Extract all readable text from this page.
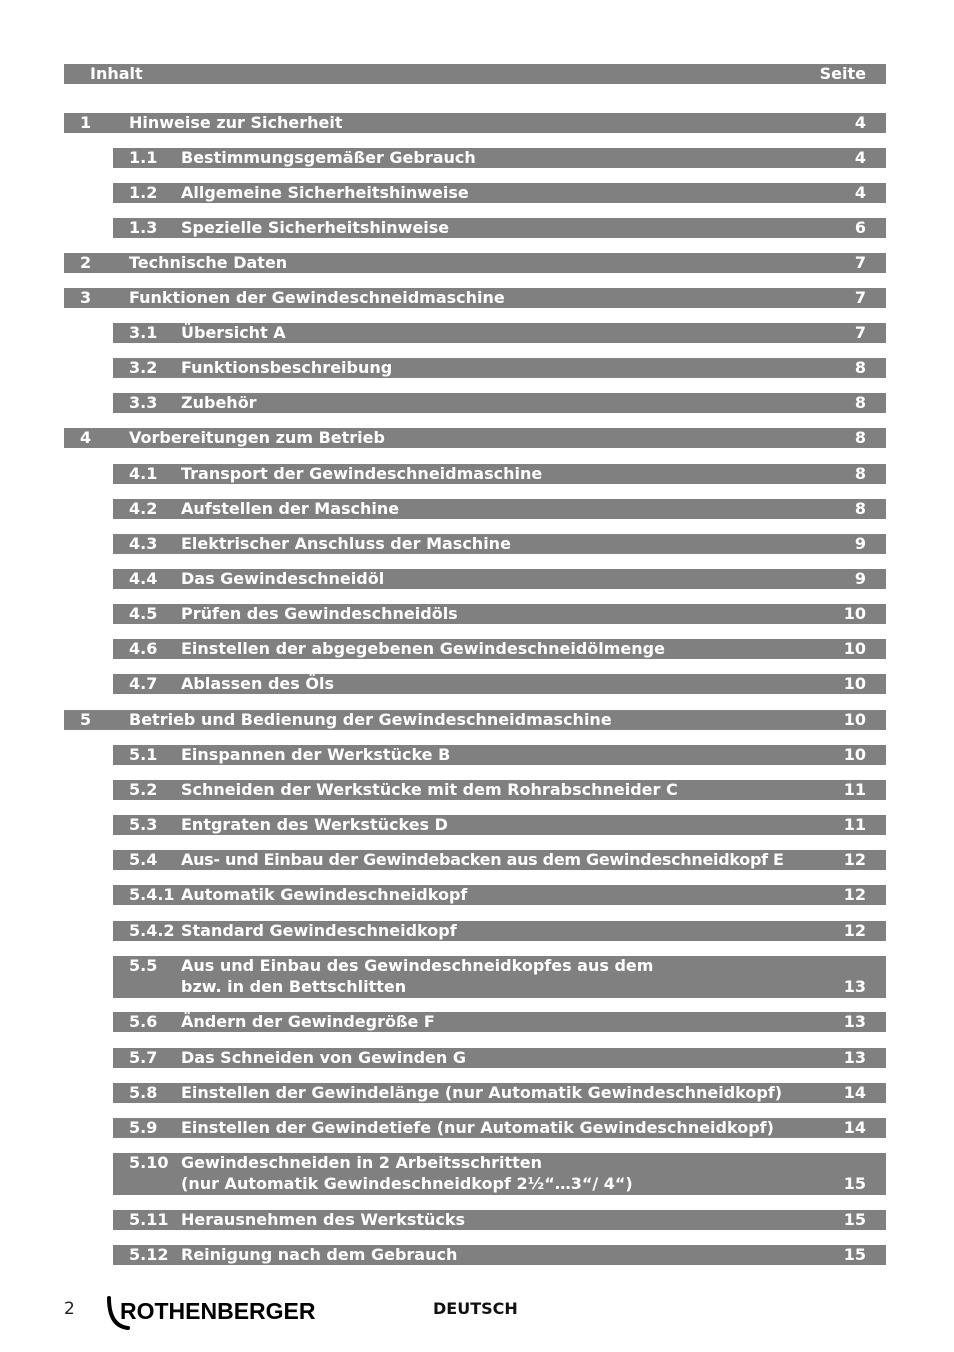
Inhalt	Seite
1 Hinweise zur Sicherheit	4
1.1 Bestimmungsgemäßer Gebrauch	4
1.2 Allgemeine Sicherheitshinweise	4
1.3 Spezielle Sicherheitshinweise	6
2 Technische Daten	7
3 Funktionen der Gewindeschneidmaschine	7
3.1 Übersicht A	7
3.2 Funktionsbeschreibung	8
3.3 Zubehör	8
4 Vorbereitungen zum Betrieb	8
4.1 Transport der Gewindeschneidmaschine	8
4.2 Aufstellen der Maschine	8
4.3 Elektrischer Anschluss der Maschine	9
4.4 Das Gewindeschneidöl	9
4.5 Prüfen des Gewindeschneidöls	10
4.6 Einstellen der abgegebenen Gewindeschneidölmenge	10
4.7 Ablassen des Öls	10
5 Betrieb und Bedienung der Gewindeschneidmaschine	10
5.1 Einspannen der Werkstücke B	10
5.2 Schneiden der Werkstücke mit dem Rohrabschneider C	11
5.3 Entgraten des Werkstückes D	11
5.4 Aus- und Einbau der Gewindebacken aus dem Gewindeschneidkopf E	12
5.4.1 Automatik Gewindeschneidkopf	12
5.4.2 Standard Gewindeschneidkopf	12
5.5 Aus und Einbau des Gewindeschneidkopfes aus dem
bzw. in den Bettschlitten	13
5.6 Ändern der Gewindegröße F	13
5.7 Das Schneiden von Gewinden G	13
5.8 Einstellen der Gewindelänge (nur Automatik Gewindeschneidkopf)	14
5.9 Einstellen der Gewindetiefe (nur Automatik Gewindeschneidkopf)	14
5.10 Gewindeschneiden in 2 Arbeitsschritten
(nur Automatik Gewindeschneidkopf 2½“…3“/ 4“)	15
5.11 Herausnehmen des Werkstücks	15
5.12 Reinigung nach dem Gebrauch	15
2 ROTHENBERGER	DEUTSCH
